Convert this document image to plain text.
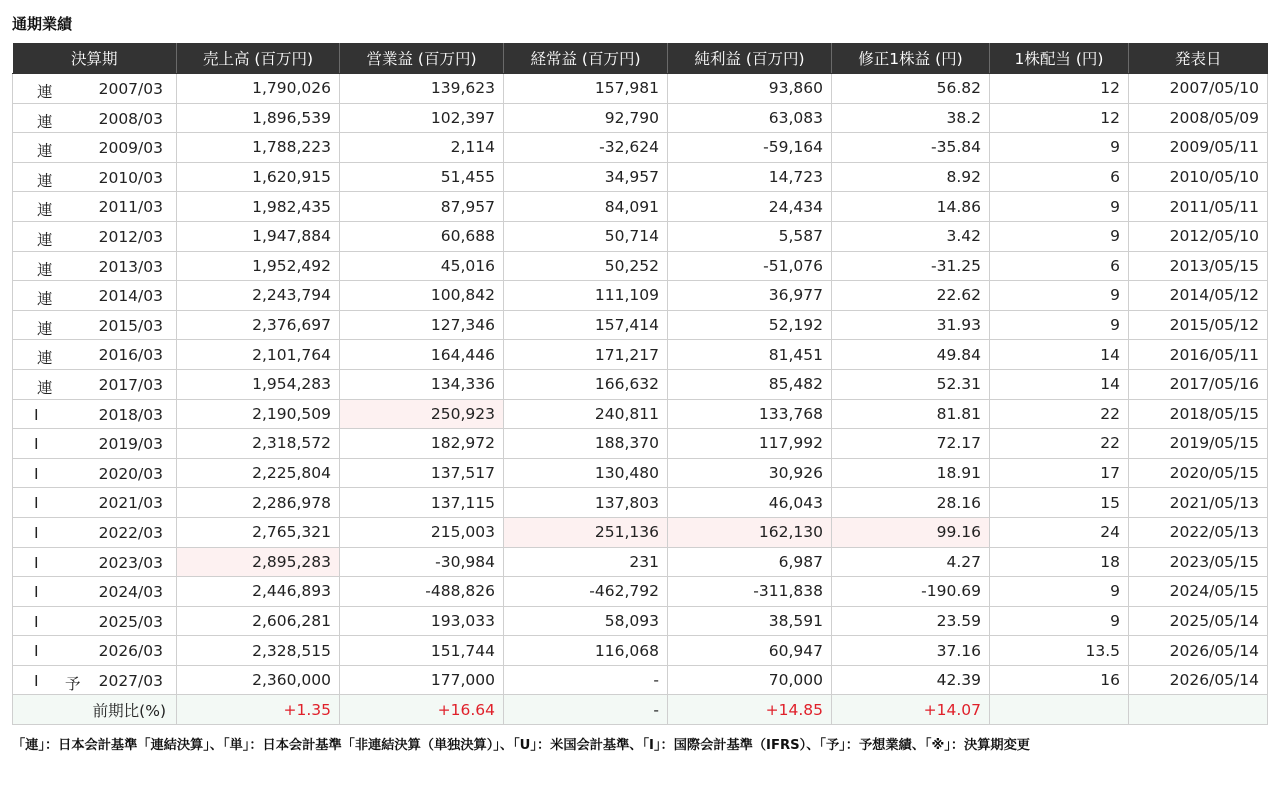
通期業績
決算期	売上高 (百万円)	営業益 (百万円)	経常益 (百万円)	純利益 (百万円)	修正1株益 (円)	1株配当 (円)	発表日

連 2007/03	1,790,026	139,623	157,981	93,860	56.82	12	2007/05/10

連 2008/03	1,896,539	102,397	92,790	63,083	38.2	12	2008/05/09

連 2009/03	1,788,223	2,114	-32,624	-59,164	-35.84	9	2009/05/11

連 2010/03	1,620,915	51,455	34,957	14,723	8.92	6	2010/05/10

連 2011/03	1,982,435	87,957	84,091	24,434	14.86	9	2011/05/11

連 2012/03	1,947,884	60,688	50,714	5,587	3.42	9	2012/05/10

連 2013/03	1,952,492	45,016	50,252	-51,076	-31.25	6	2013/05/15

連 2014/03	2,243,794	100,842	111,109	36,977	22.62	9	2014/05/12

連 2015/03	2,376,697	127,346	157,414	52,192	31.93	9	2015/05/12

連 2016/03	2,101,764	164,446	171,217	81,451	49.84	14	2016/05/11

連 2017/03	1,954,283	134,336	166,632	85,482	52.31	14	2017/05/16

I 2018/03	2,190,509	250,923	240,811	133,768	81.81	22	2018/05/15

I 2019/03	2,318,572	182,972	188,370	117,992	72.17	22	2019/05/15

I 2020/03	2,225,804	137,517	130,480	30,926	18.91	17	2020/05/15

I 2021/03	2,286,978	137,115	137,803	46,043	28.16	15	2021/05/13

I 2022/03	2,765,321	215,003	251,136	162,130	99.16	24	2022/05/13

I 2023/03	2,895,283	-30,984	231	6,987	4.27	18	2023/05/15

I 2024/03	2,446,893	-488,826	-462,792	-311,838	-190.69	9	2024/05/15

I 2025/03	2,606,281	193,033	58,093	38,591	23.59	9	2025/05/14

I 2026/03	2,328,515	151,744	116,068	60,947	37.16	13.5	2026/05/14

I 予 2027/03	2,360,000	177,000	-	70,000	42.39	16	2026/05/14
前期比(%)	+1.35	+16.64	-	+14.85	+14.07		
「連」：日本会計基準「連結決算」、「単」：日本会計基準「非連結決算（単独決算）」、「U」：米国会計基準、「I」：国際会計基準（IFRS）、「予」：予想業績、「※」：決算期変更
